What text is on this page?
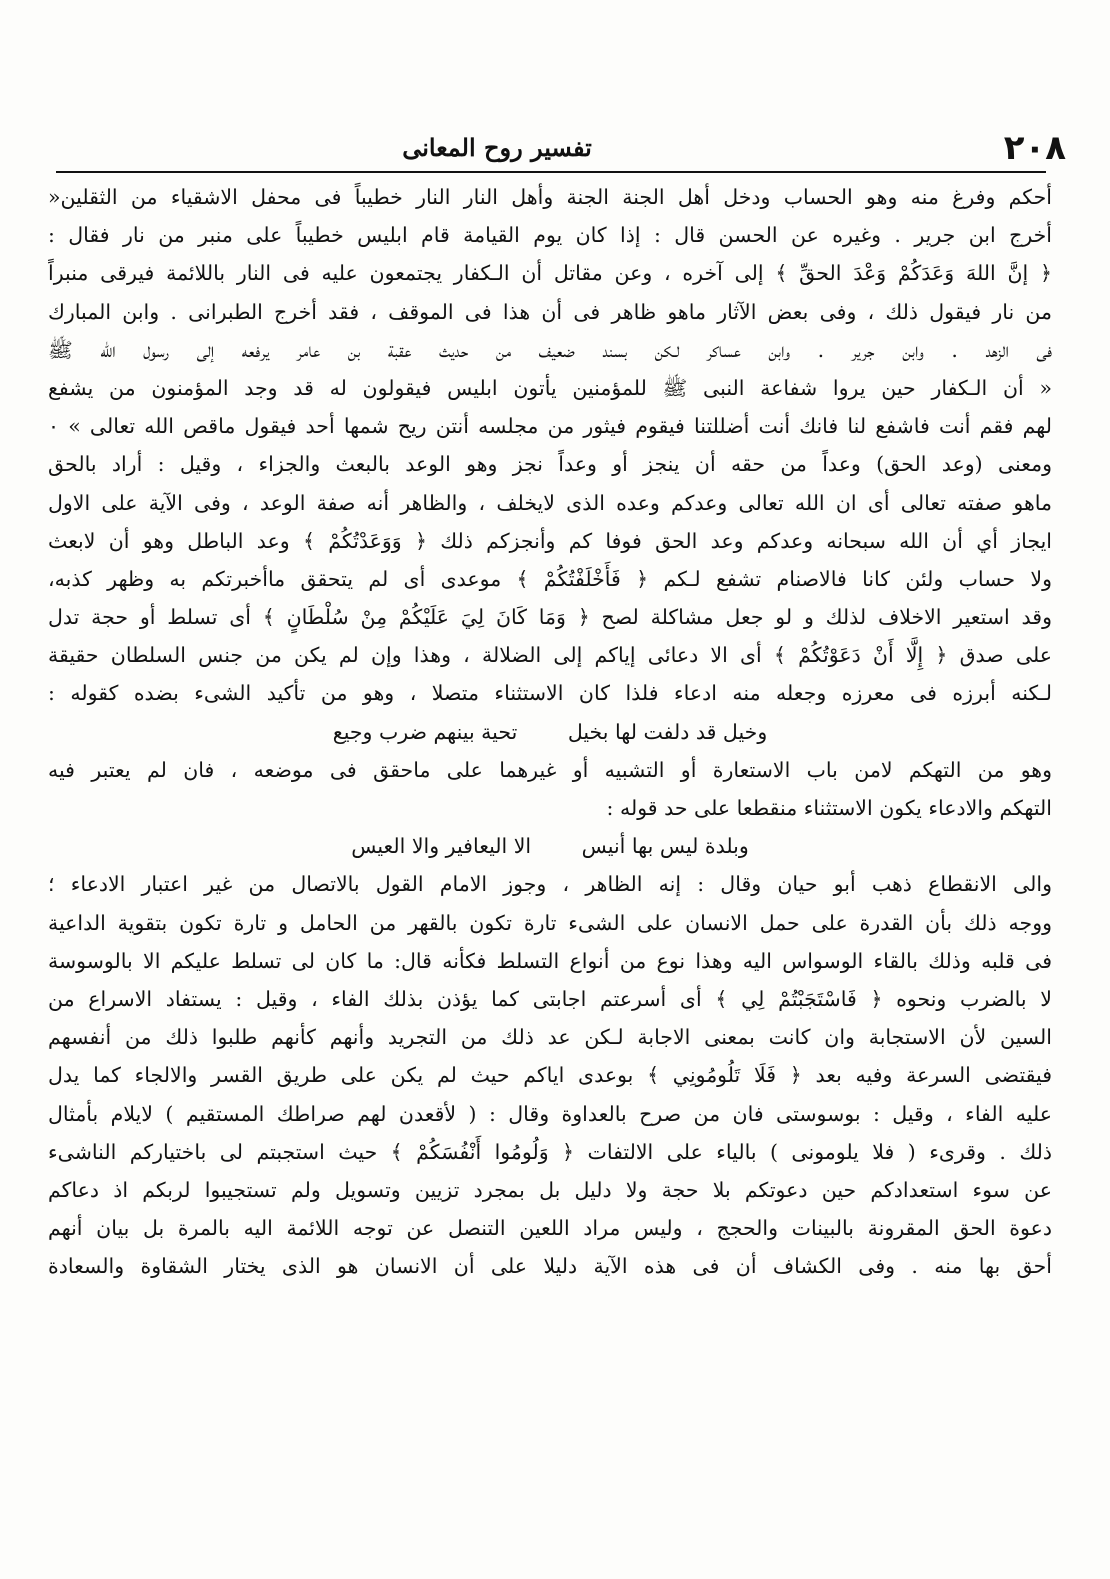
٢٠٨
تفسير روح المعانى
أحكم وفرغ منه وهو الحساب ودخل أهل الجنة الجنة وأهل النار النار خطيباً فى محفل الاشقياء من الثقلين«
أخرج ابن جرير . وغيره عن الحسن قال : إذا كان يوم القيامة قام ابليس خطيباً على منبر من نار فقال :
﴿ إنَّ اللهَ وَعَدَكُمْ وَعْدَ الحقِّ ﴾ إلى آخره ، وعن مقاتل أن الـكفار يجتمعون عليه فى النار باللائمة فيرقى منبراً
من نار فيقول ذلك ، وفى بعض الآثار ماهو ظاهر فى أن هذا فى الموقف ، فقد أخرج الطبرانى . وابن المبارك
فى الزهد . وابن جرير . وابن عساكر لـكن بسند ضعيف من حديث عقبة بن عامر يرفعه إلى رسول الله ﷺ
« أن الـكفار حين يروا شفاعة النبى ﷺ للمؤمنين يأتون ابليس فيقولون له قد وجد المؤمنون من يشفع
لهم فقم أنت فاشفع لنا فانك أنت أضللتنا فيقوم فيثور من مجلسه أنتن ريح شمها أحد فيقول ماقص الله تعالى » ٠
ومعنى (وعد الحق) وعداً من حقه أن ينجز أو وعداً نجز وهو الوعد بالبعث والجزاء ، وقيل : أراد بالحق
ماهو صفته تعالى أى ان الله تعالى وعدكم وعده الذى لايخلف ، والظاهر أنه صفة الوعد ، وفى الآية على الاول
ايجاز أي أن الله سبحانه وعدكم وعد الحق فوفا كم وأنجزكم ذلك ﴿ وَوَعَدْتُكُمْ ﴾ وعد الباطل وهو أن لابعث
ولا حساب ولئن كانا فالاصنام تشفع لـكم ﴿ فَأَخْلَفْتُكُمْ ﴾ موعدى أى لم يتحقق ماأخبرتكم به وظهر كذبه،
وقد استعير الاخلاف لذلك و لو جعل مشاكلة لصح ﴿ وَمَا كَانَ لِيَ عَلَيْكُمْ مِنْ سُلْطَانٍ ﴾ أى تسلط أو حجة تدل
على صدق ﴿ إِلَّا أَنْ دَعَوْتُكُمْ ﴾ أى الا دعائى إياكم إلى الضلالة ، وهذا وإن لم يكن من جنس السلطان حقيقة
لـكنه أبرزه فى معرزه وجعله منه ادعاء فلذا كان الاستثناء متصلا ، وهو من تأكيد الشىء بضده كقوله :
وخيل قد دلفت لها بخيل تحية بينهم ضرب وجيع
وهو من التهكم لامن باب الاستعارة أو التشبيه أو غيرهما على ماحقق فى موضعه ، فان لم يعتبر فيه
التهكم والادعاء يكون الاستثناء منقطعا على حد قوله :
وبلدة ليس بها أنيس الا اليعافير والا العيس
والى الانقطاع ذهب أبو حيان وقال : إنه الظاهر ، وجوز الامام القول بالاتصال من غير اعتبار الادعاء ؛
ووجه ذلك بأن القدرة على حمل الانسان على الشىء تارة تكون بالقهر من الحامل و تارة تكون بتقوية الداعية
فى قلبه وذلك بالقاء الوسواس اليه وهذا نوع من أنواع التسلط فكأنه قال: ما كان لى تسلط عليكم الا بالوسوسة
لا بالضرب ونحوه ﴿ فَاسْتَجَبْتُمْ لِي ﴾ أى أسرعتم اجابتى كما يؤذن بذلك الفاء ، وقيل : يستفاد الاسراع من
السين لأن الاستجابة وان كانت بمعنى الاجابة لـكن عد ذلك من التجريد وأنهم كأنهم طلبوا ذلك من أنفسهم
فيقتضى السرعة وفيه بعد ﴿ فَلَا تَلُومُونِي ﴾ بوعدى اياكم حيث لم يكن على طريق القسر والالجاء كما يدل
عليه الفاء ، وقيل : بوسوستى فان من صرح بالعداوة وقال : ( لأقعدن لهم صراطك المستقيم ) لايلام بأمثال
ذلك . وقرىء ( فلا يلومونى ) بالياء على الالتفات ﴿ وَلُومُوا أَنْفُسَكُمْ ﴾ حيث استجبتم لى باختياركم الناشىء
عن سوء استعدادكم حين دعوتكم بلا حجة ولا دليل بل بمجرد تزيين وتسويل ولم تستجيبوا لربكم اذ دعاكم
دعوة الحق المقرونة بالبينات والحجج ، وليس مراد اللعين التنصل عن توجه اللائمة اليه بالمرة بل بيان أنهم
أحق بها منه . وفى الكشاف أن فى هذه الآية دليلا على أن الانسان هو الذى يختار الشقاوة والسعادة
